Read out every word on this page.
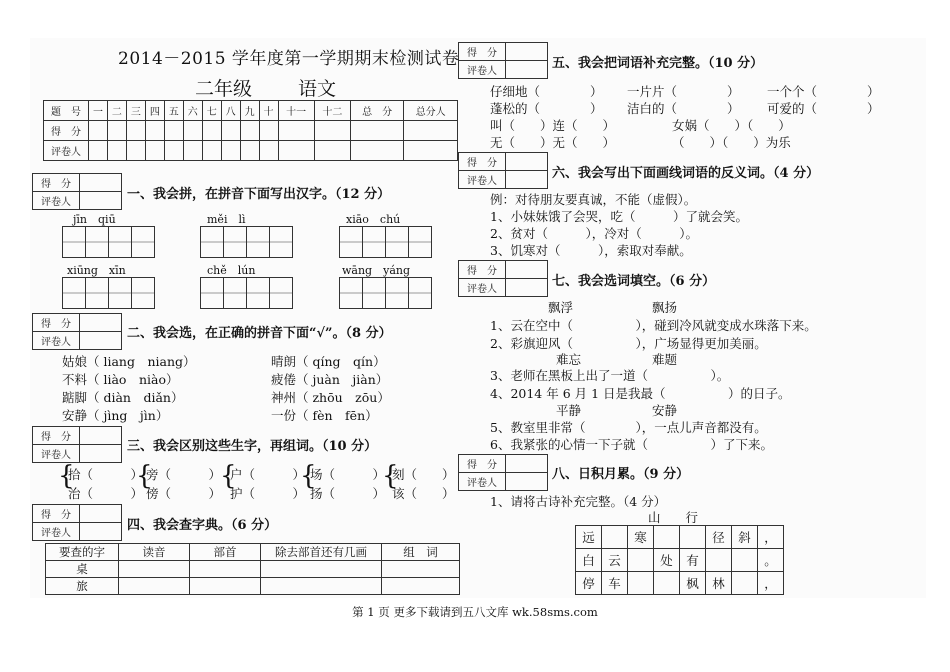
2014－2015 学年度第一学期期末检测试卷
二年级 语文
题　号	一	二	三	四	五	六	七	八	九	十	十一	十二	总　分	总分人
得　分														
评卷人														
得　分	
评卷人	
一、我会拼，在拼音下面写出汉字。（12 分）
jīn　qiū	měi　lì	xiāo　chú
xiūng　xīn	chě　lún	wāng　yáng
得　分	
评卷人	
二、我会选，在正确的拼音下面“√”。（8 分）
姑娘（ liang　niang）	晴朗（ qíng　qín）
不料（ liào　niào）	疲倦（ juàn　jiàn）
踮脚（ diàn　diǎn）	神州（ zhōu　zōu）
安静（ jìng　jìn）	一份（ fèn　fēn）
得　分	
评卷人	
三、我会区别这些生字，再组词。（10 分）
{
拾（　　　）
治（　　　）
{
旁（　　　）
傍（　　　）
{
户（　　　）
护（　　　）
{
场（　　　）
扬（　　　）
{
刻（　　）
该（　　）
得　分	
评卷人	
四、我会查字典。（6 分）
要查的字	读音	部首	除去部首还有几画	组　词
桌				
旅				
得　分	
评卷人	
五、我会把词语补充完整。（10 分）
仔细地（　　　　） 一片片（　　　　） 一个个（　　　　）
蓬松的（　　　　） 洁白的（　　　　） 可爱的（　　　　）
叫（　　）连（　　）	女娲（　　）（　　）
无（　　）无（　　）	（　　）（　　）为乐
得　分	
评卷人	
六、我会写出下面画线词语的反义词。（4 分）
例：对待朋友要真诚，不能（虚假）。
1、小妹妹饿了会哭，吃（　　　）了就会笑。
2、贫对（　　　），冷对（　　　）。
3、饥寒对（　　　），索取对奉献。
得　分	
评卷人	
七、我会选词填空。（6 分）
飘浮	飘扬
1、云在空中（　　　　　），碰到冷风就变成水珠落下来。
2、彩旗迎风（　　　　　），广场显得更加美丽。
难忘	难题
3、老师在黑板上出了一道（　　　　　）。
4、2014 年 6 月 1 日是我最（　　　　　）的日子。
平静	安静
5、教室里非常（　　　　），一点儿声音都没有。
6、我紧张的心情一下子就（　　　　　）了下来。
得　分	
评卷人	
八、日积月累。（9 分）
1、请将古诗补充完整。（4 分）
山　　行
远		寒			径	斜	，
白	云		处	有			。
停	车			枫	林		，
第 1 页 更多下载请到五八文库 wk.58sms.com
